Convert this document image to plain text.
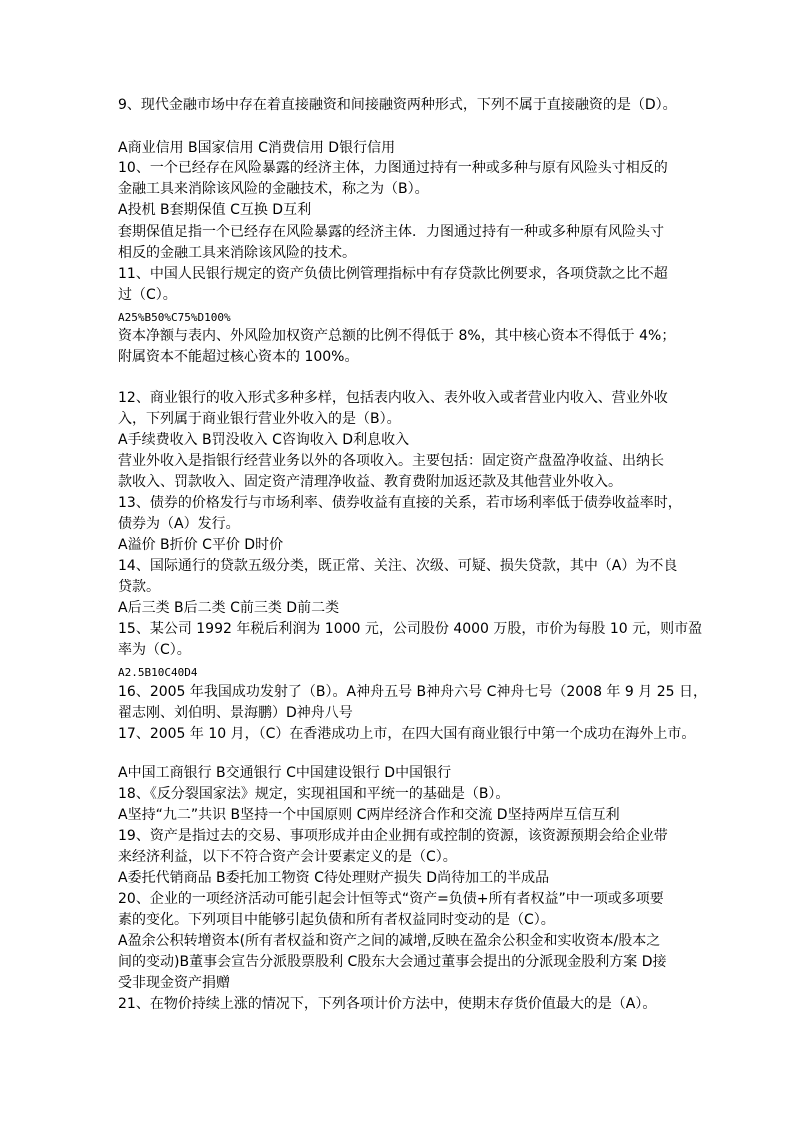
9、现代金融市场中存在着直接融资和间接融资两种形式，下列不属于直接融资的是（D）。
A商业信用 B国家信用 C消费信用 D银行信用
10、一个已经存在风险暴露的经济主体，力图通过持有一种或多种与原有风险头寸相反的
金融工具来消除该风险的金融技术，称之为（B）。
A投机 B套期保值 C互换 D互利
套期保值足指一个已经存在风险暴露的经济主体．力图通过持有一种或多种原有风险头寸
相反的金融工具来消除该风险的技术。
11、中国人民银行规定的资产负债比例管理指标中有存贷款比例要求，各项贷款之比不超
过（C）。
A25%B50%C75%D100%
资本净额与表内、外风险加权资产总额的比例不得低于 8%，其中核心资本不得低于 4%；
附属资本不能超过核心资本的 100%。
12、商业银行的收入形式多种多样，包括表内收入、表外收入或者营业内收入、营业外收
入，下列属于商业银行营业外收入的是（B）。
A手续费收入 B罚没收入 C咨询收入 D利息收入
营业外收入是指银行经营业务以外的各项收入。主要包括：固定资产盘盈净收益、出纳长
款收入、罚款收入、固定资产清理净收益、教育费附加返还款及其他营业外收入。
13、债券的价格发行与市场利率、债券收益有直接的关系，若市场利率低于债券收益率时，
债券为（A）发行。
A溢价 B折价 C平价 D时价
14、国际通行的贷款五级分类，既正常、关注、次级、可疑、损失贷款，其中（A）为不良
贷款。
A后三类 B后二类 C前三类 D前二类
15、某公司 1992 年税后利润为 1000 元，公司股份 4000 万股，市价为每股 10 元，则市盈
率为（C）。
A2.5B10C40D4
16、2005 年我国成功发射了（B）。A神舟五号 B神舟六号 C神舟七号（2008 年 9 月 25 日，
翟志刚、刘伯明、景海鹏）D神舟八号
17、2005 年 10 月，（C）在香港成功上市，在四大国有商业银行中第一个成功在海外上市。
A中国工商银行 B交通银行 C中国建设银行 D中国银行
18、《反分裂国家法》规定，实现祖国和平统一的基础是（B）。
A坚持“九二”共识 B坚持一个中国原则 C两岸经济合作和交流 D坚持两岸互信互利
19、资产是指过去的交易、事项形成并由企业拥有或控制的资源，该资源预期会给企业带
来经济利益，以下不符合资产会计要素定义的是（C）。
A委托代销商品 B委托加工物资 C待处理财产损失 D尚待加工的半成品
20、企业的一项经济活动可能引起会计恒等式“资产=负债+所有者权益”中一项或多项要
素的变化。下列项目中能够引起负债和所有者权益同时变动的是（C）。
A盈余公积转增资本(所有者权益和资产之间的减增,反映在盈余公积金和实收资本/股本之
间的变动)B董事会宣告分派股票股利 C股东大会通过董事会提出的分派现金股利方案 D接
受非现金资产捐赠
21、在物价持续上涨的情况下，下列各项计价方法中，使期末存货价值最大的是（A）。
